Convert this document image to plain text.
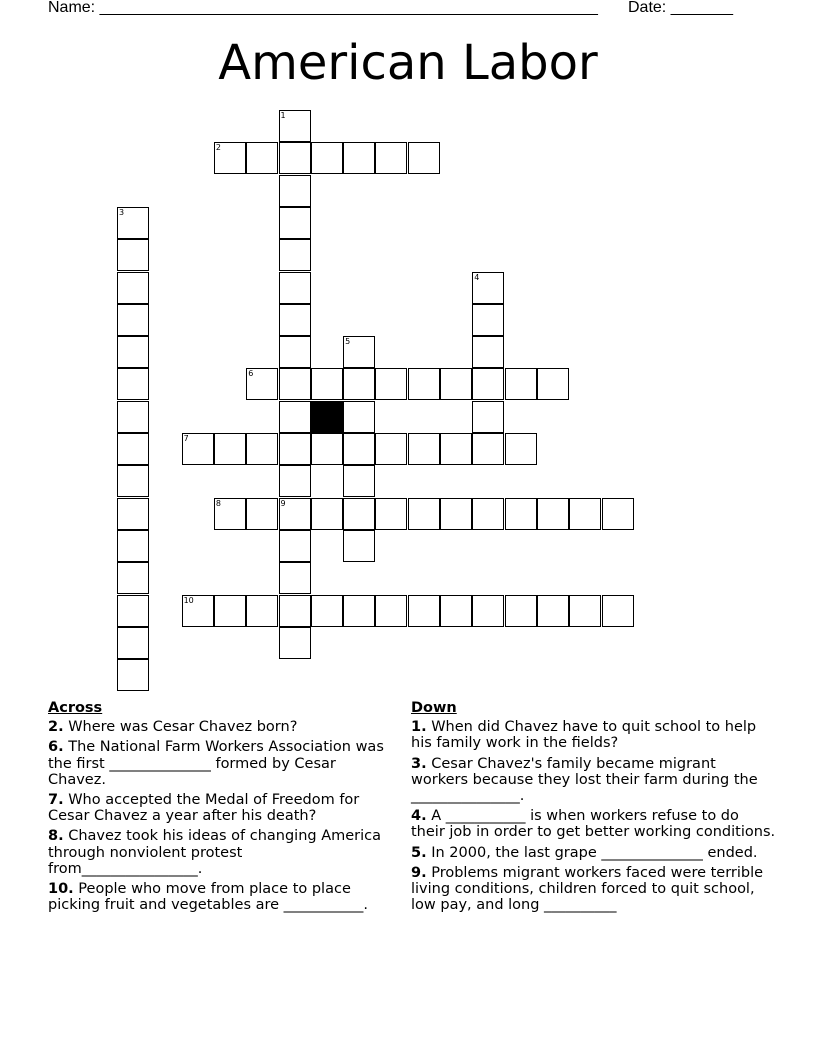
Name: ________________________________________________________ Date: _______
American Labor
1
9
2
3
4
5
6
7
8
10
Across
2. Where was Cesar Chavez born?
6. The National Farm Workers Association was the first ______________ formed by Cesar Chavez.
7. Who accepted the Medal of Freedom for Cesar Chavez a year after his death?
8. Chavez took his ideas of changing America through nonviolent protest from________________.
10. People who move from place to place picking fruit and vegetables are ___________.
Down
1. When did Chavez have to quit school to help his family work in the fields?
3. Cesar Chavez's family became migrant workers because they lost their farm during the _______________.
4. A ___________ is when workers refuse to do their job in order to get better working conditions.
5. In 2000, the last grape ______________ ended.
9. Problems migrant workers faced were terrible living conditions, children forced to quit school, low pay, and long __________
